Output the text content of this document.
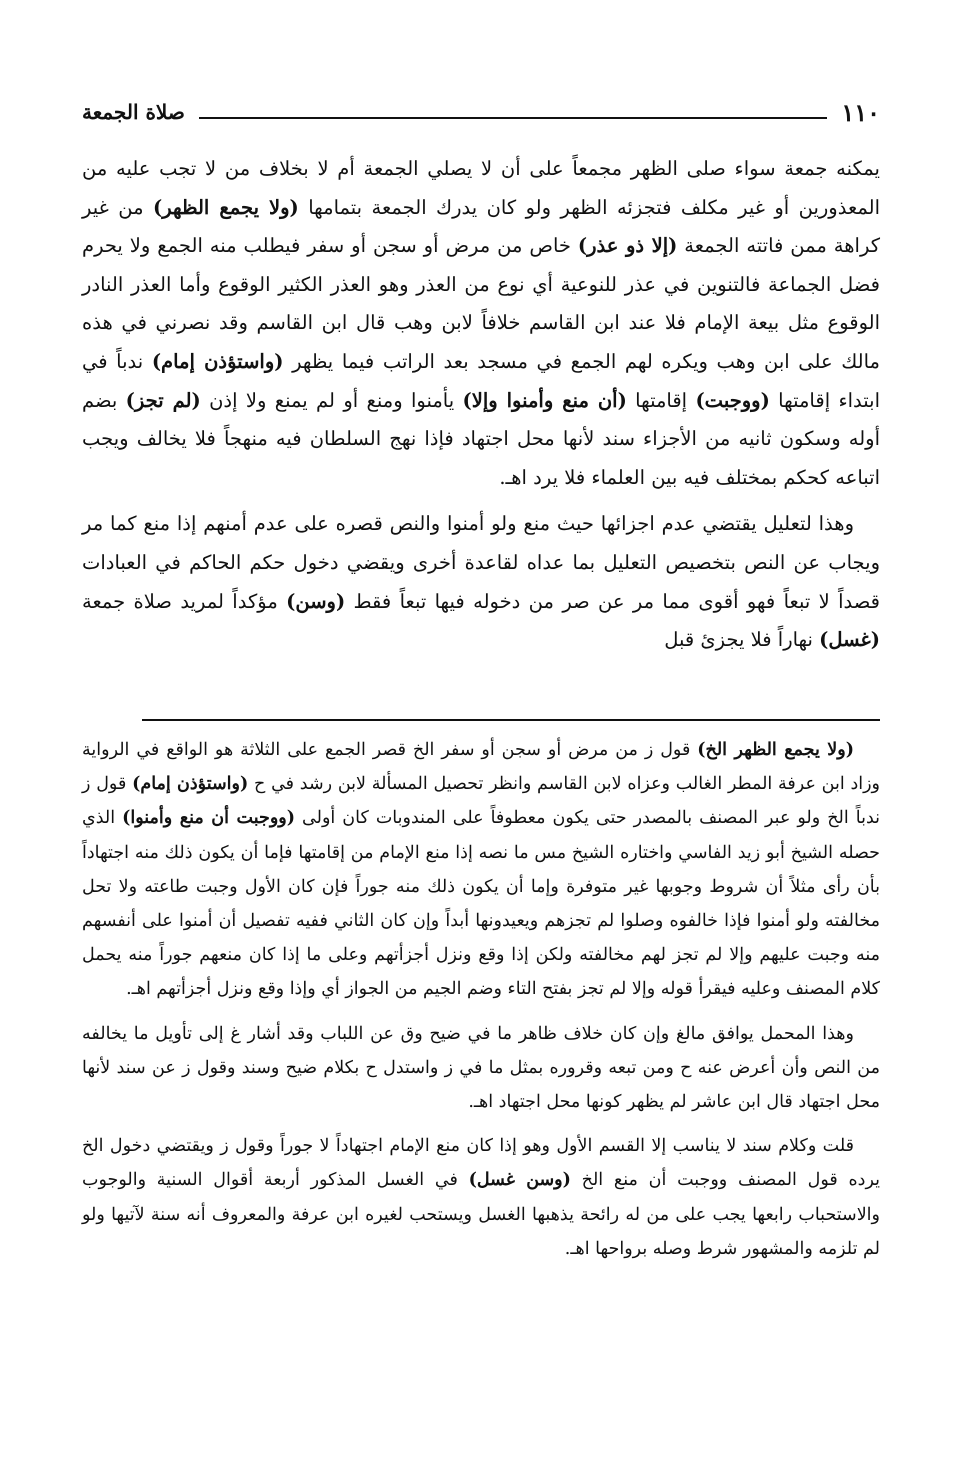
صلاة الجمعة	١١٠

يمكنه جمعة سواء صلى الظهر مجمعاً على أن لا يصلي الجمعة أم لا بخلاف من لا تجب عليه من المعذورين أو غير مكلف فتجزئه الظهر ولو كان يدرك الجمعة بتمامها (ولا يجمع الظهر) من غير كراهة ممن فاتته الجمعة (إلا ذو عذر) خاص من مرض أو سجن أو سفر فيطلب منه الجمع ولا يحرم فضل الجماعة فالتنوين في عذر للنوعية أي نوع من العذر وهو العذر الكثير الوقوع وأما العذر النادر الوقوع مثل بيعة الإمام فلا عند ابن القاسم خلافاً لابن وهب قال ابن القاسم وقد نصرني في هذه مالك على ابن وهب ويكره لهم الجمع في مسجد بعد الراتب فيما يظهر (واستؤذن إمام) ندباً في ابتداء إقامتها (ووجبت) إقامتها (أن منع وأمنوا وإلا) يأمنوا ومنع أو لم يمنع ولا إذن (لم تجز) بضم أوله وسكون ثانيه من الأجزاء سند لأنها محل اجتهاد فإذا نهج السلطان فيه منهجاً فلا يخالف ويجب اتباعه كحكم بمختلف فيه بين العلماء فلا يرد اهـ.

وهذا لتعليل يقتضي عدم اجزائها حيث منع ولو أمنوا والنص قصره على عدم أمنهم إذا منع كما مر ويجاب عن النص بتخصيص التعليل بما عداه لقاعدة أخرى ويقضي دخول حكم الحاكم في العبادات قصداً لا تبعاً فهو أقوى مما مر عن صر من دخوله فيها تبعاً فقط (وسن) مؤكداً لمريد صلاة جمعة (غسل) نهاراً فلا يجزئ قبل

(ولا يجمع الظهر الخ) قول ز من مرض أو سجن أو سفر الخ قصر الجمع على الثلاثة هو الواقع في الرواية وزاد ابن عرفة المطر الغالب وعزاه لابن القاسم وانظر تحصيل المسألة لابن رشد في ح (واستؤذن إمام) قول ز ندباً الخ ولو عبر المصنف بالمصدر حتى يكون معطوفاً على المندوبات كان أولى (ووجبت أن منع وأمنوا) الذي حصله الشيخ أبو زيد الفاسي واختاره الشيخ مس ما نصه إذا منع الإمام من إقامتها فإما أن يكون ذلك منه اجتهاداً بأن رأى مثلاً أن شروط وجوبها غير متوفرة وإما أن يكون ذلك منه جوراً فإن كان الأول وجبت طاعته ولا تحل مخالفته ولو أمنوا فإذا خالفوه وصلوا لم تجزهم ويعيدونها أبداً وإن كان الثاني ففيه تفصيل أن أمنوا على أنفسهم منه وجبت عليهم وإلا لم تجز لهم مخالفته ولكن إذا وقع ونزل أجزأتهم وعلى ما إذا كان منعهم جوراً منه يحمل كلام المصنف وعليه فيقرأ قوله وإلا لم تجز بفتح التاء وضم الجيم من الجواز أي وإذا وقع ونزل أجزأتهم اهـ.

وهذا المحمل يوافق مالغ وإن كان خلاف ظاهر ما في ضيح وق عن اللباب وقد أشار غ إلى تأويل ما يخالفه من النص وأن أعرض عنه ح ومن تبعه وقروره بمثل ما في ز واستدل ح بكلام ضيح وسند وقول ز عن سند لأنها محل اجتهاد قال ابن عاشر لم يظهر كونها محل اجتهاد اهـ.

قلت وكلام سند لا يناسب إلا القسم الأول وهو إذا كان منع الإمام اجتهاداً لا جوراً وقول ز ويقتضي دخول الخ يرده قول المصنف ووجبت أن منع الخ (وسن غسل) في الغسل المذكور أربعة أقوال السنية والوجوب والاستحباب رابعها يجب على من له رائحة يذهبها الغسل ويستحب لغيره ابن عرفة والمعروف أنه سنة لآتيها ولو لم تلزمه والمشهور شرط وصله برواحها اهـ.
